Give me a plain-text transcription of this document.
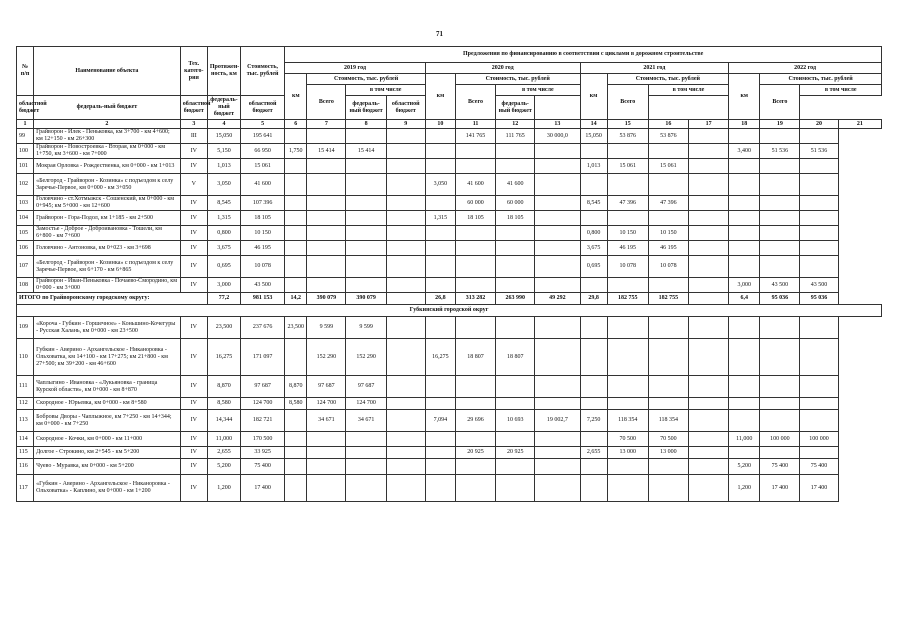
71
№ п/п	Наименование объекта	Тех. катего-рия	Протяжен-ность, км	Стоимость, тыс. рублей	Предложения по финансированию в соответствии с циклами в дорожном строительстве															
					2019 год				2020 год				2021 год				2022 год			
					км	Стоимость, тыс. рублей			км	Стоимость, тыс. рублей			км	Стоимость, тыс. рублей			км	Стоимость, тыс. рублей		
						Всего	в том числе			Всего	в том числе			Всего	в том числе			Всего	в том числе	
областной бюджет	федераль-ный бюджет	областной бюджет	федераль-ный бюджет	областной бюджет			федераль-ный бюджет	областной бюджет			федераль-ный бюджет									
1	2	3	4	5	6	7	8	9	10	11	12	13	14	15	16	17	18	19	20	21
99	Грайворон - Илек - Пеньковка, км 3+700 - км 4+600; км 12+150 - км 26+300	III	15,050	195 641						141 765	111 765	30 000,0	15,050	53 876	53 876					
100	Грайворон - Новостроевка - Вторая, км 0+000 - км 1+750, км 3+600 - км 7+000	IV	5,150	66 950	1,750	15 414	15 414										3,400	51 536	51 536	
101	Мокрая Орловка - Рождественка, км 0+000 - км 1+013	IV	1,013	15 061									1,013	15 061	15 061					
102	«Белгород - Грайворон - Козинка» с подъездом к селу Заречье-Первое, км 0+000 - км 3+050	V	3,050	41 600					3,050	41 600	41 600									
103	Головчино - ст.Хотмыжск - Сошенский, км 0+000 - км 0+945; км 5+000 - км 12+600	IV	8,545	107 396						60 000	60 000		8,545	47 396	47 396					
104	Грайворон - Гора-Подол, км 1+185 - км 2+500	IV	1,315	18 105					1,315	18 105	18 105									
105	Замостье - Доброе - Доброивановка - Тошели, км 6+800 - км 7+600	IV	0,800	10 150									0,800	10 150	10 150					
106	Головчино - Антоновка, км 0+023 - км 3+698	IV	3,675	46 195									3,675	46 195	46 195					
107	«Белгород - Грайворон - Козинка» с подъездом к селу Заречье-Первое, км 6+170 - км 6+865	IV	0,695	10 078									0,695	10 078	10 078					
108	Грайворон - Иван-Пеньковка - Почаево-Смородино, км 0+000 - км 3+000	IV	3,000	43 500													3,000	43 500	43 500	
ИТОГО по Грайворонскому городскому округу:			77,2	981 153	14,2	390 079	390 079		26,8	313 282	263 990	49 292	29,8	182 755	182 755		6,4	95 036	95 036	
Губкинский городской округ																				
109	«Короча - Губкин - Горшечное» - Коньшино-Кочегуры - Русская Халань, км 0+000 - км 23+500	IV	23,500	237 676	23,500	9 599	9 599													
110	Губкин - Аверино - Архангельское - Никаноровка - Ольховатка, км 14+100 - км 17+275; км 21+800 - км 27+500; км 39+200 - км 46+600	IV	16,275	171 097		152 290	152 290		16,275	18 807	18 807									
111	Чаплыгино - Ивановка - «Лукьяновка - граница Курской области», км 0+000 - км 8+870	IV	8,870	97 687	8,870	97 687	97 687													
112	Скородное - Юрьевка, км 0+000 - км 8+580	IV	8,580	124 700	8,580	124 700	124 700													
113	Бобровы Дворы - Чаплыжное, км 7+250 - км 14+344; км 0+000 - км 7+250	IV	14,344	182 721		34 671	34 671		7,094	29 696	10 693	19 002,7	7,250	118 354	118 354					
114	Скородное - Кочки, км 0+000 - км 11+000	IV	11,000	170 500										70 500	70 500		11,000	100 000	100 000	
115	Долгое - Строкино, км 2+545 - км 5+200	IV	2,655	33 925						20 925	20 925		2,655	13 000	13 000					
116	Чуево - Муравка, км 0+000 - км 5+200	IV	5,200	75 400													5,200	75 400	75 400	
117	«Губкин - Аверино - Архангельское - Никаноровка - Ольховатка» - Каплино, км 0+000 - км 1+200	IV	1,200	17 400													1,200	17 400	17 400	
